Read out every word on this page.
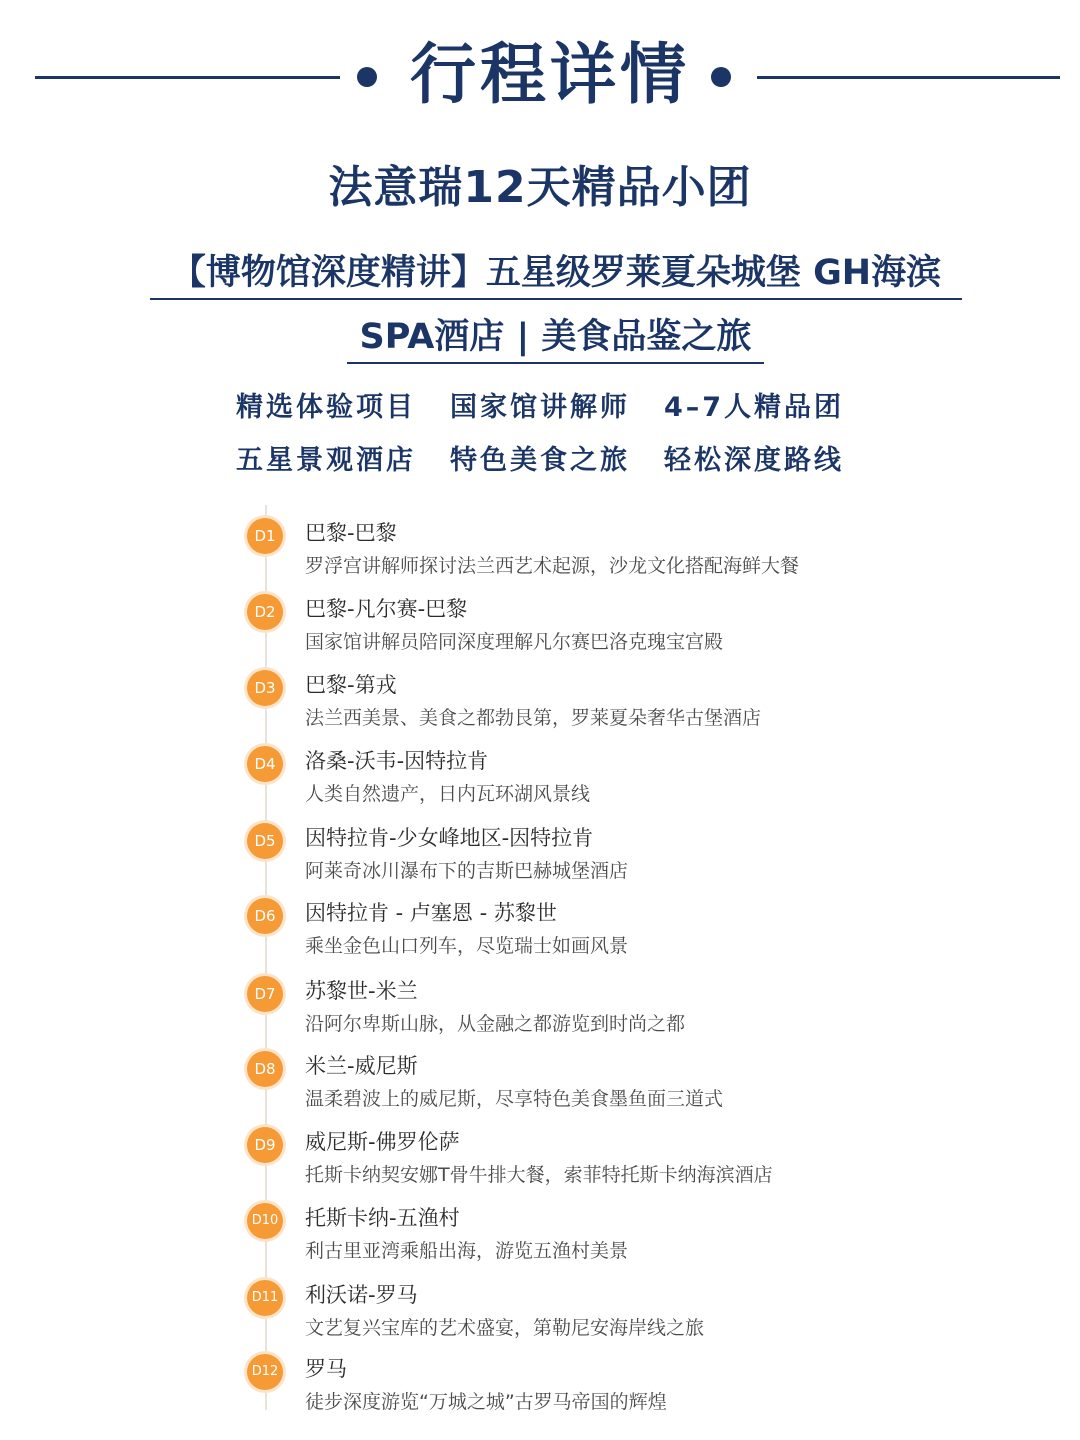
行程详情
法意瑞12天精品小团
【博物馆深度精讲】五星级罗莱夏朵城堡 GH海滨
SPA酒店 | 美食品鉴之旅
精选体验项目 国家馆讲解师 4–7人精品团
五星景观酒店 特色美食之旅 轻松深度路线
D1	巴黎-巴黎
罗浮宫讲解师探讨法兰西艺术起源，沙龙文化搭配海鲜大餐
D2	巴黎-凡尔赛-巴黎
国家馆讲解员陪同深度理解凡尔赛巴洛克瑰宝宫殿
D3	巴黎-第戎
法兰西美景、美食之都勃艮第，罗莱夏朵奢华古堡酒店
D4	洛桑-沃韦-因特拉肯
人类自然遗产，日内瓦环湖风景线
D5	因特拉肯-少女峰地区-因特拉肯
阿莱奇冰川瀑布下的吉斯巴赫城堡酒店
D6	因特拉肯 - 卢塞恩 - 苏黎世
乘坐金色山口列车，尽览瑞士如画风景
D7	苏黎世-米兰
沿阿尔卑斯山脉，从金融之都游览到时尚之都
D8	米兰-威尼斯
温柔碧波上的威尼斯，尽享特色美食墨鱼面三道式
D9	威尼斯-佛罗伦萨
托斯卡纳契安娜T骨牛排大餐，索菲特托斯卡纳海滨酒店
D10 托斯卡纳-五渔村
利古里亚湾乘船出海，游览五渔村美景
D11 利沃诺-罗马
文艺复兴宝库的艺术盛宴，第勒尼安海岸线之旅
D12 罗马
徒步深度游览“万城之城”古罗马帝国的辉煌
